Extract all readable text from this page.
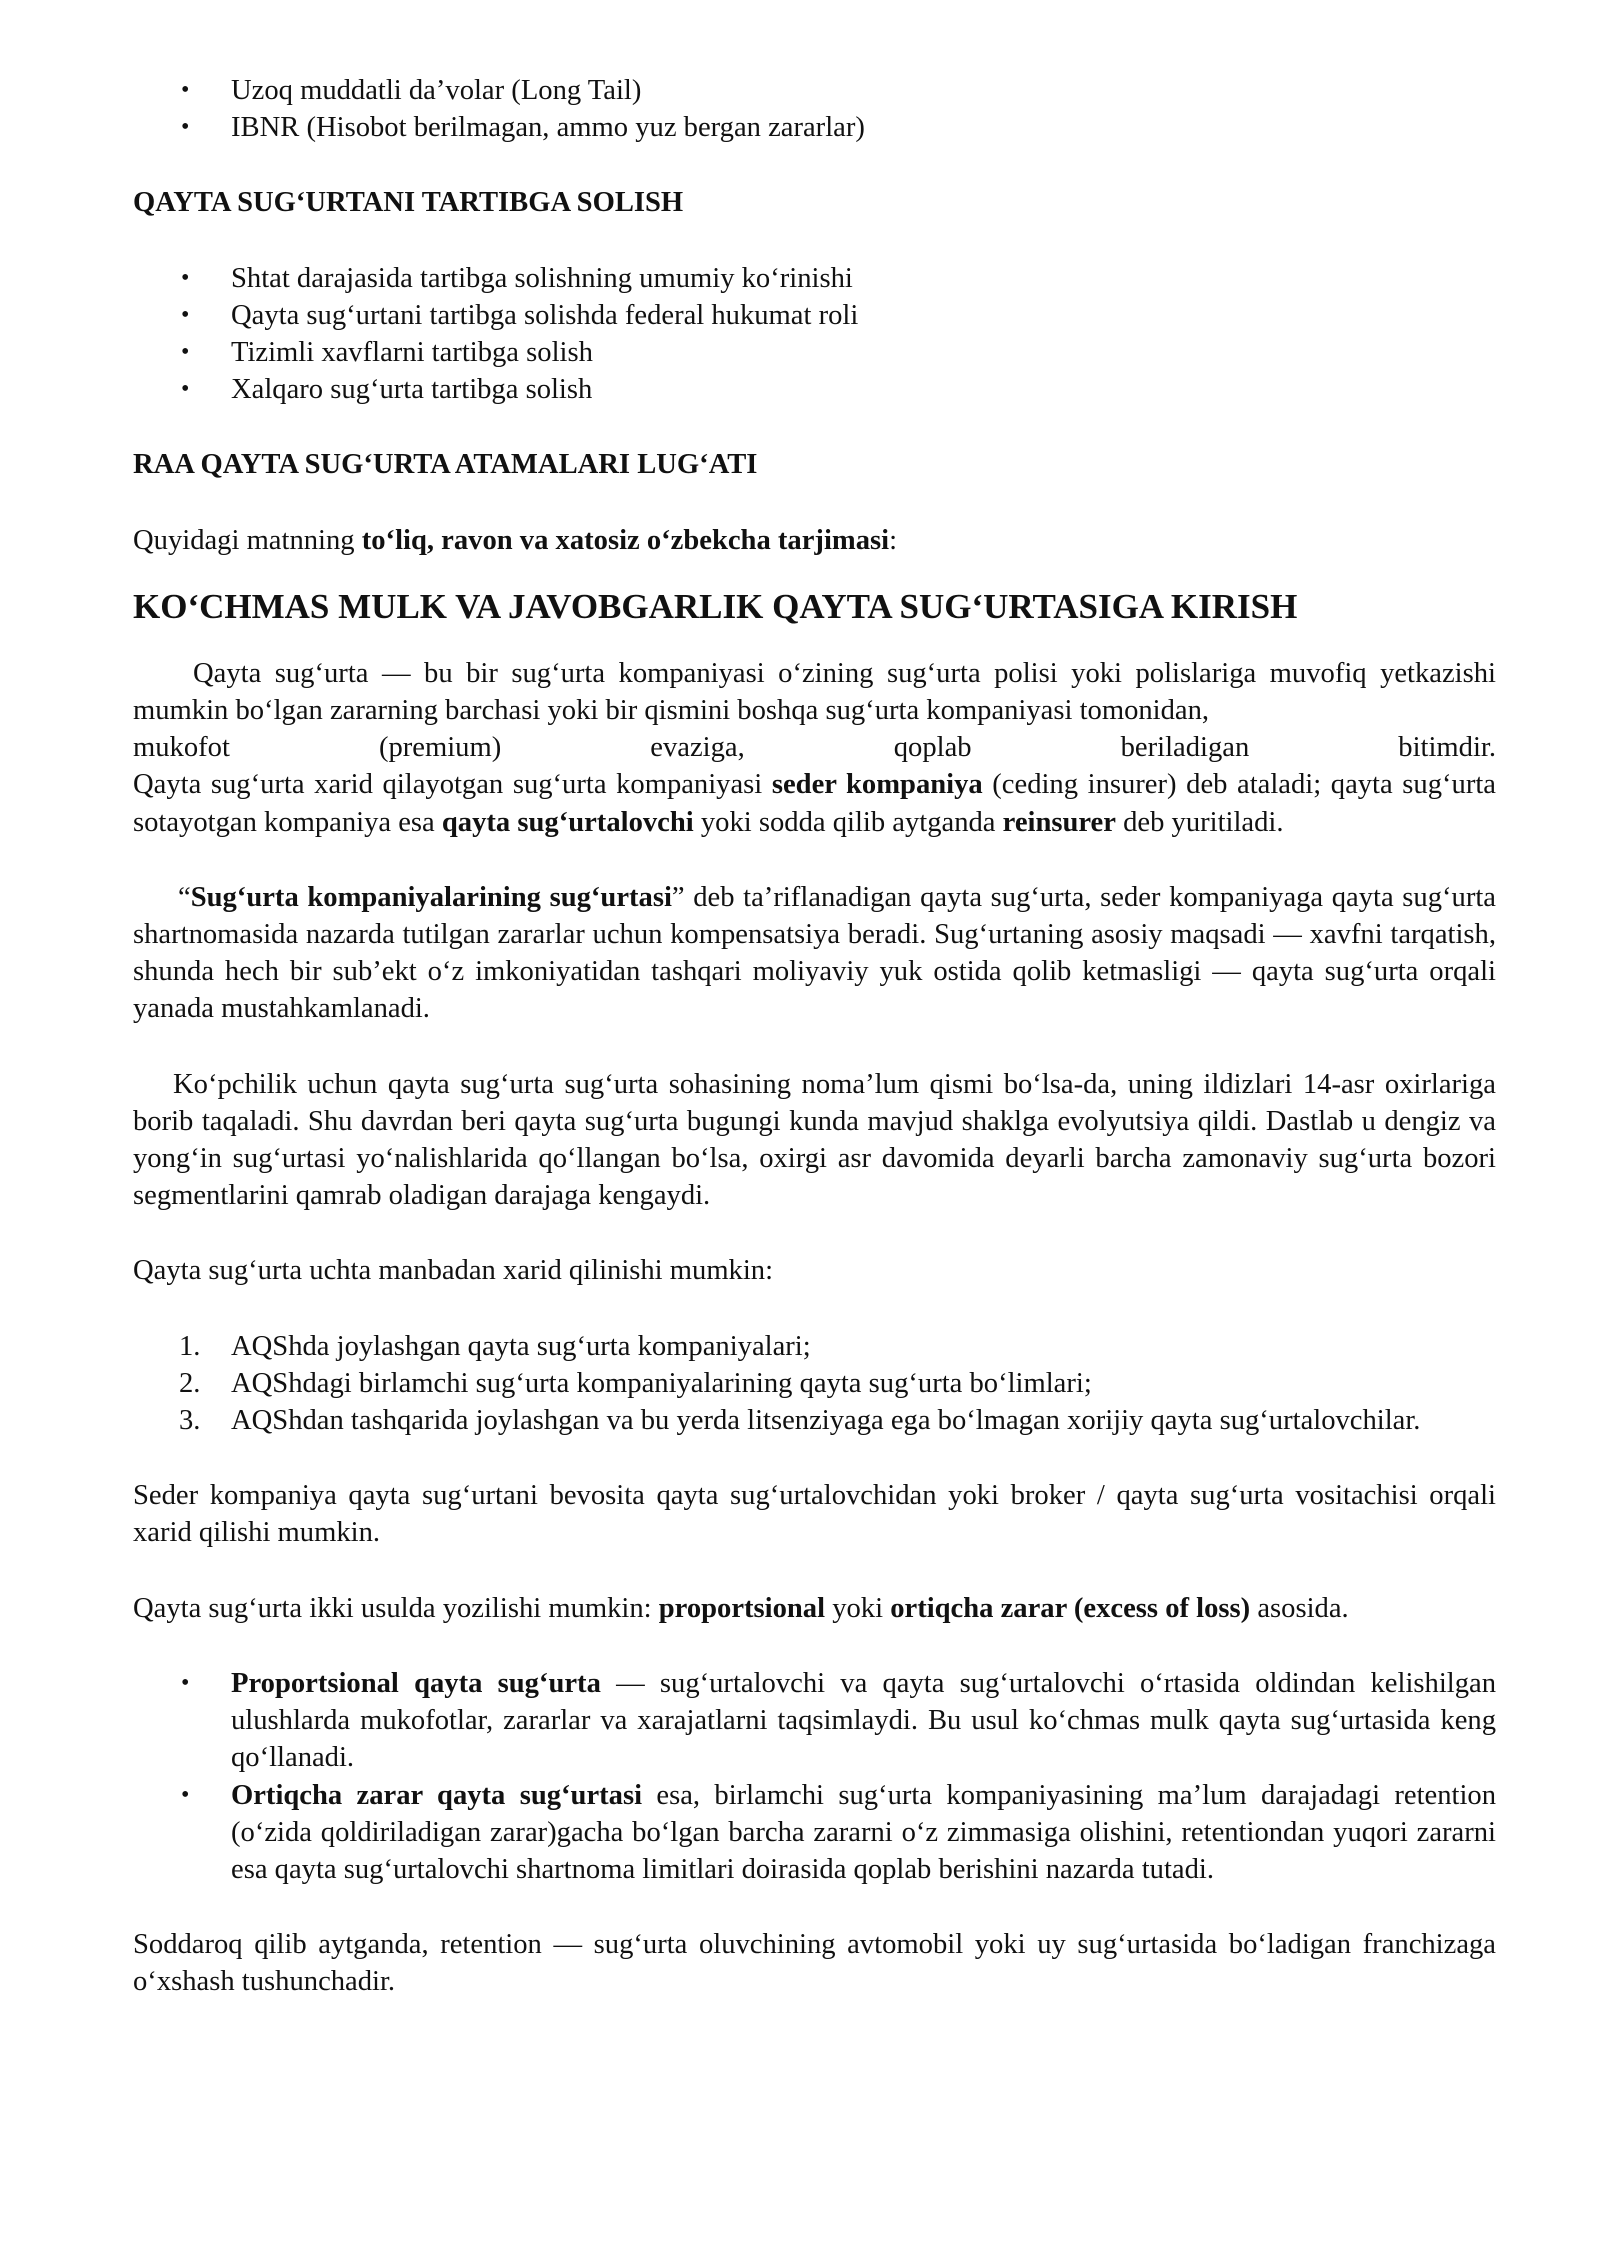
•	Uzoq muddatli da’volar (Long Tail)
•	IBNR (Hisobot berilmagan, ammo yuz bergan zararlar)

QAYTA SUG‘URTANI TARTIBGA SOLISH

•	Shtat darajasida tartibga solishning umumiy ko‘rinishi
•	Qayta sug‘urtani tartibga solishda federal hukumat roli
•	Tizimli xavflarni tartibga solish
•	Xalqaro sug‘urta tartibga solish

RAA QAYTA SUG‘URTA ATAMALARI LUG‘ATI

Quyidagi matnning to‘liq, ravon va xatosiz o‘zbekcha tarjimasi:

KO‘CHMAS MULK VA JAVOBGARLIK QAYTA SUG‘URTASIGA KIRISH

Qayta sug‘urta — bu bir sug‘urta kompaniyasi o‘zining sug‘urta polisi yoki polislariga muvofiq yetkazishi mumkin bo‘lgan zararning barchasi yoki bir qismini boshqa sug‘urta kompaniyasi tomonidan,

mukofot (premium) evaziga, qoplab beriladigan bitimdir.

Qayta sug‘urta xarid qilayotgan sug‘urta kompaniyasi seder kompaniya (ceding insurer) deb ataladi; qayta sug‘urta sotayotgan kompaniya esa qayta sug‘urtalovchi yoki sodda qilib aytganda reinsurer deb yuritiladi.

“Sug‘urta kompaniyalarining sug‘urtasi” deb ta’riflanadigan qayta sug‘urta, seder kompaniyaga qayta sug‘urta shartnomasida nazarda tutilgan zararlar uchun kompensatsiya beradi. Sug‘urtaning asosiy maqsadi — xavfni tarqatish, shunda hech bir sub’ekt o‘z imkoniyatidan tashqari moliyaviy yuk ostida qolib ketmasligi — qayta sug‘urta orqali yanada mustahkamlanadi.

Ko‘pchilik uchun qayta sug‘urta sug‘urta sohasining noma’lum qismi bo‘lsa-da, uning ildizlari 14-asr oxirlariga borib taqaladi. Shu davrdan beri qayta sug‘urta bugungi kunda mavjud shaklga evolyutsiya qildi. Dastlab u dengiz va yong‘in sug‘urtasi yo‘nalishlarida qo‘llangan bo‘lsa, oxirgi asr davomida deyarli barcha zamonaviy sug‘urta bozori segmentlarini qamrab oladigan darajaga kengaydi.

Qayta sug‘urta uchta manbadan xarid qilinishi mumkin:

1.	AQShda joylashgan qayta sug‘urta kompaniyalari;
2.	AQShdagi birlamchi sug‘urta kompaniyalarining qayta sug‘urta bo‘limlari;
3.	AQShdan tashqarida joylashgan va bu yerda litsenziyaga ega bo‘lmagan xorijiy qayta sug‘urtalovchilar.

Seder kompaniya qayta sug‘urtani bevosita qayta sug‘urtalovchidan yoki broker / qayta sug‘urta vositachisi orqali xarid qilishi mumkin.

Qayta sug‘urta ikki usulda yozilishi mumkin: proportsional yoki ortiqcha zarar (excess of loss) asosida.

•	Proportsional qayta sug‘urta — sug‘urtalovchi va qayta sug‘urtalovchi o‘rtasida oldindan kelishilgan ulushlarda mukofotlar, zararlar va xarajatlarni taqsimlaydi. Bu usul ko‘chmas mulk qayta sug‘urtasida keng qo‘llanadi.
•	Ortiqcha zarar qayta sug‘urtasi esa, birlamchi sug‘urta kompaniyasining ma’lum darajadagi retention (o‘zida qoldiriladigan zarar)gacha bo‘lgan barcha zararni o‘z zimmasiga olishini, retentiondan yuqori zararni esa qayta sug‘urtalovchi shartnoma limitlari doirasida qoplab berishini nazarda tutadi.

Soddaroq qilib aytganda, retention — sug‘urta oluvchining avtomobil yoki uy sug‘urtasida bo‘ladigan franchizaga o‘xshash tushunchadir.
